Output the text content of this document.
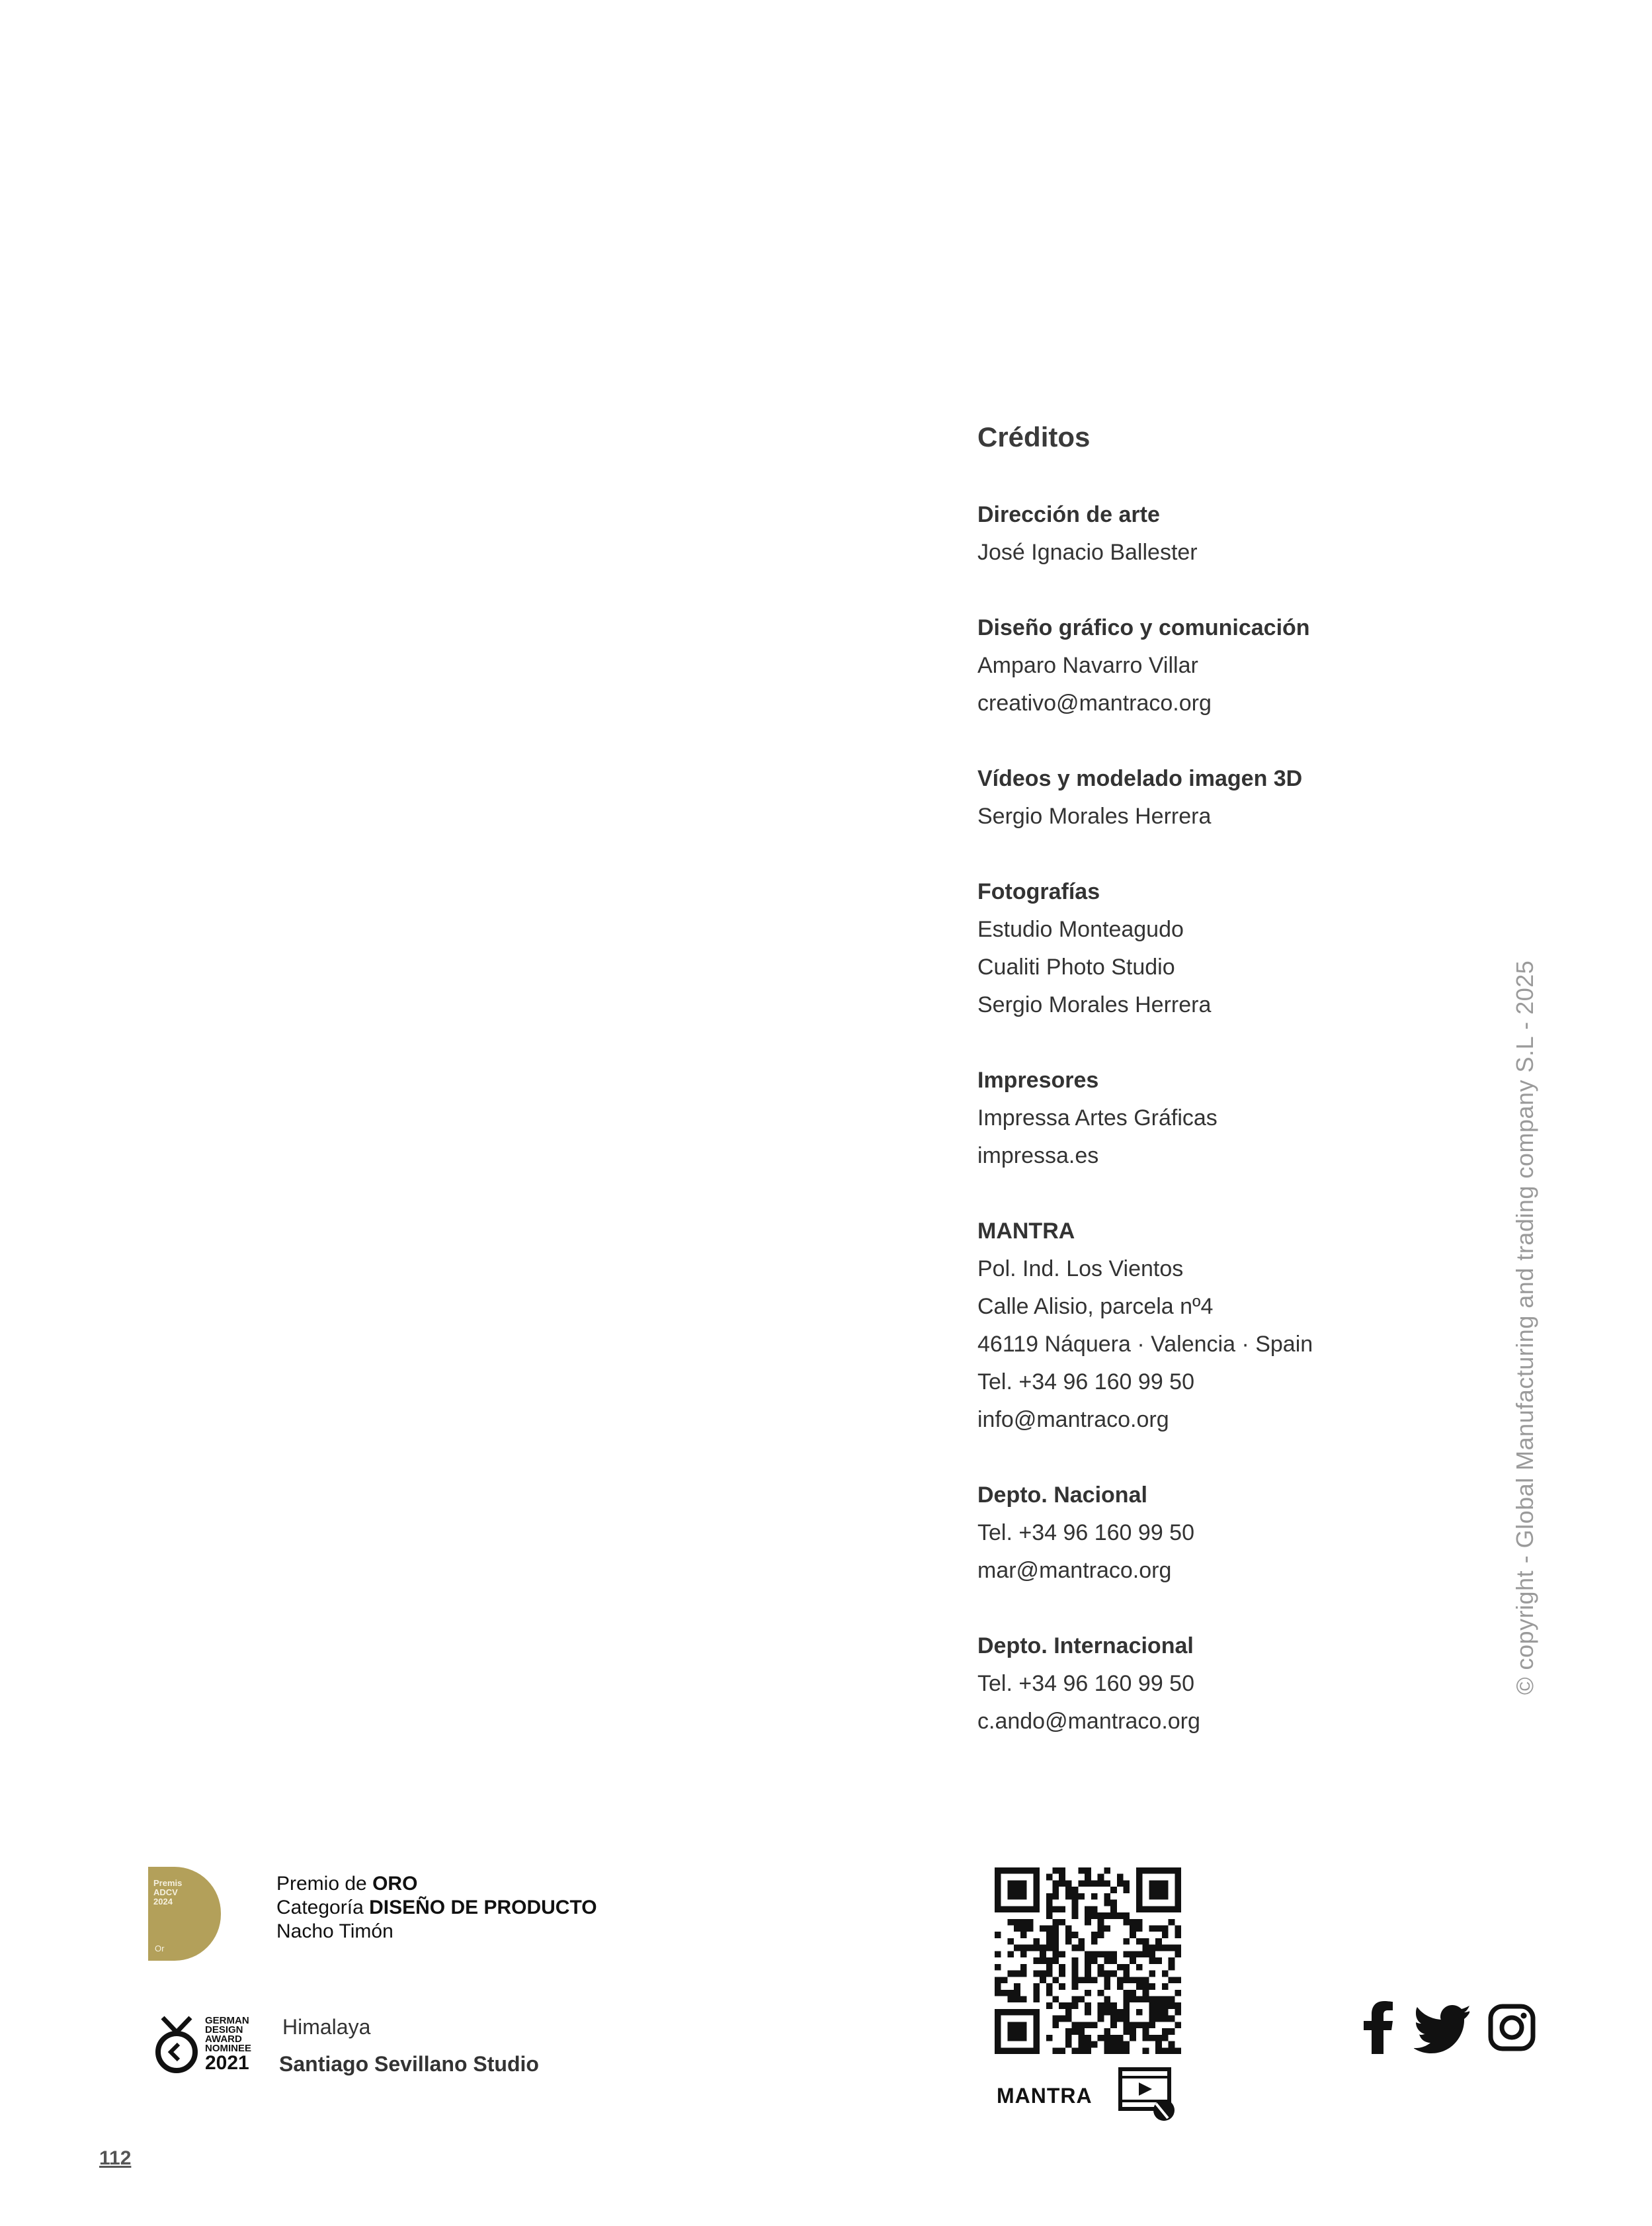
Créditos
Dirección de arte
José Ignacio Ballester
Diseño gráfico y comunicación
Amparo Navarro Villar
creativo@mantraco.org
Vídeos y modelado imagen 3D
Sergio Morales Herrera
Fotografías
Estudio Monteagudo
Cualiti Photo Studio
Sergio Morales Herrera
Impresores
Impressa Artes Gráficas
impressa.es
MANTRA
Pol. Ind. Los Vientos
Calle Alisio, parcela nº4
46119 Náquera · Valencia · Spain
Tel. +34 96 160 99 50
info@mantraco.org
Depto. Nacional
Tel. +34 96 160 99 50
mar@mantraco.org
Depto. Internacional
Tel. +34 96 160 99 50
c.ando@mantraco.org
© copyright - Global Manufacturing and trading company S.L - 2025
Premis
ADCV
2024
Or
Premio de ORO
Categoría DISEÑO DE PRODUCTO
Nacho Timón
GERMAN
DESIGN
AWARD
NOMINEE
2021
Himalaya
Santiago Sevillano Studio
MANTRA
112
